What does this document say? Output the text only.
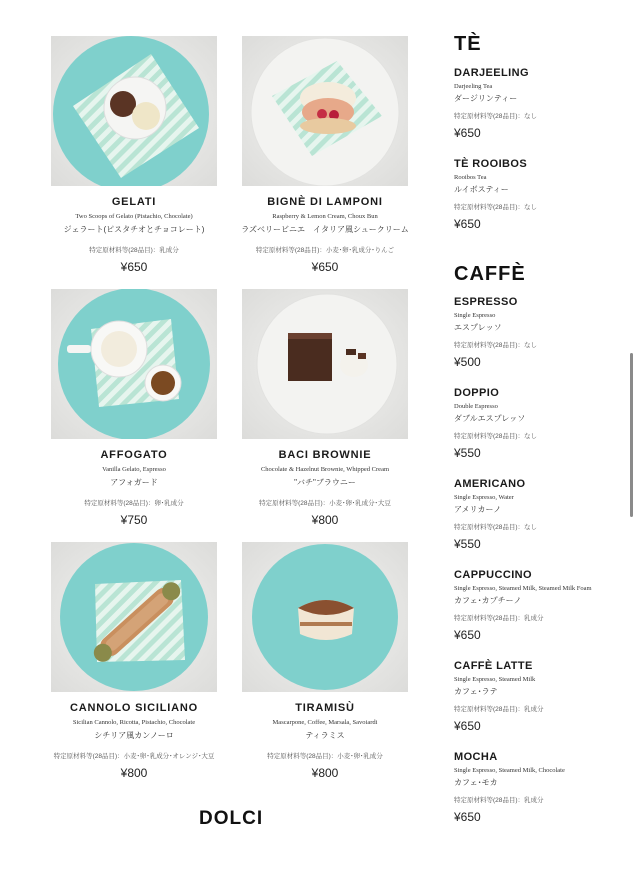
GELATI
Two Scoops of Gelato (Pistachio, Chocolate)
ジェラート(ピスタチオとチョコレート)
特定原材料等(28品目)：乳成分
¥650
BIGNÈ DI LAMPONI
Raspberry & Lemon Cream, Choux Bun
ラズベリービニエ　イタリア風シュークリーム
特定原材料等(28品目)：小麦･卵･乳成分･りんご
¥650
AFFOGATO
Vanilla Gelato, Espresso
アフォガード
特定原材料等(28品目)：卵･乳成分
¥750
BACI BROWNIE
Chocolate & Hazelnut Brownie, Whipped Cream
"バチ"ブラウニー
特定原材料等(28品目)：小麦･卵･乳成分･大豆
¥800
CANNOLO SICILIANO
Sicilian Cannolo, Ricotta, Pistachio, Chocolate
シチリア風カンノーロ
特定原材料等(28品目)：小麦･卵･乳成分･オレンジ･大豆
¥800
TIRAMISÙ
Mascarpone, Coffee, Marsala, Savoiardi
ティラミス
特定原材料等(28品目)：小麦･卵･乳成分
¥800
DOLCI
TÈ
DARJEELING
Darjeeling Tea
ダージリンティー
特定原材料等(28品目)：なし
¥650
TÈ ROOIBOS
Rooibos Tea
ルイボスティー
特定原材料等(28品目)：なし
¥650
CAFFÈ
ESPRESSO
Single Espresso
エスプレッソ
特定原材料等(28品目)：なし
¥500
DOPPIO
Double Espresso
ダブルエスプレッソ
特定原材料等(28品目)：なし
¥550
AMERICANO
Single Espresso, Water
アメリカーノ
特定原材料等(28品目)：なし
¥550
CAPPUCCINO
Single Espresso, Steamed Milk, Steamed Milk Foam
カフェ･カプチーノ
特定原材料等(28品目)：乳成分
¥650
CAFFÈ LATTE
Single Espresso, Steamed Milk
カフェ･ラテ
特定原材料等(28品目)：乳成分
¥650
MOCHA
Single Espresso, Steamed Milk, Chocolate
カフェ･モカ
特定原材料等(28品目)：乳成分
¥650
